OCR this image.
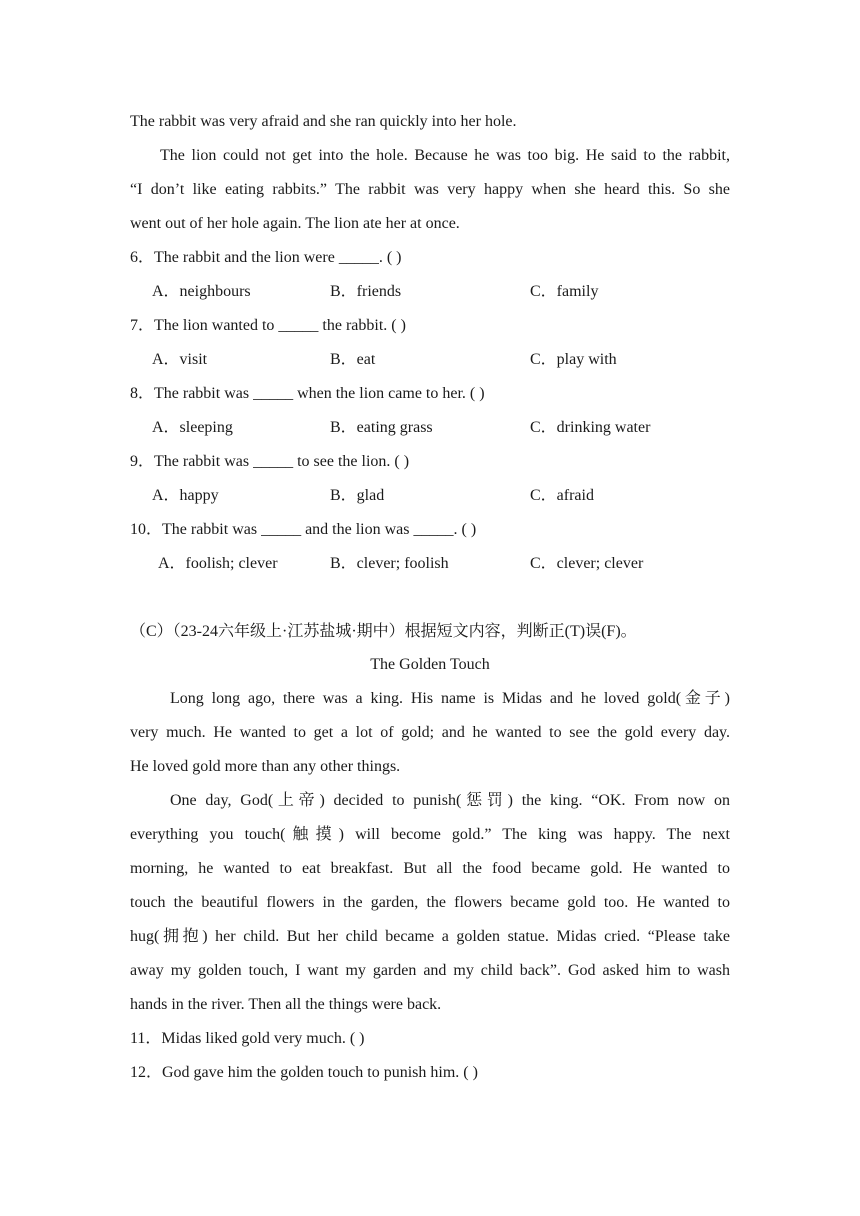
The rabbit was very afraid and she ran quickly into her hole.
The lion could not get into the hole. Because he was too big. He said to the rabbit,
“I don’t like eating rabbits.” The rabbit was very happy when she heard this. So she
went out of her hole again. The lion ate her at once.
6．The rabbit and the lion were _____. ( )
A．neighbours	B．friends	C．family
7．The lion wanted to _____ the rabbit. ( )
A．visit	B．eat	C．play with
8．The rabbit was _____ when the lion came to her. ( )
A．sleeping	B．eating grass	C．drinking water
9．The rabbit was _____ to see the lion. ( )
A．happy	B．glad	C．afraid
10．The rabbit was _____ and the lion was _____. ( )
A．foolish; clever	B．clever; foolish	C．clever; clever
（C）（23-24六年级上·江苏盐城·期中）根据短文内容，判断正(T)误(F)。
The Golden Touch
Long long ago, there was a king. His name is Midas and he loved gold(金子)
very much. He wanted to get a lot of gold; and he wanted to see the gold every day.
He loved gold more than any other things.
One day, God(上帝) decided to punish(惩罚) the king. “OK. From now on
everything you touch(触摸) will become gold.” The king was happy. The next
morning, he wanted to eat breakfast. But all the food became gold. He wanted to
touch the beautiful flowers in the garden, the flowers became gold too. He wanted to
hug(拥抱) her child. But her child became a golden statue. Midas cried. “Please take
away my golden touch, I want my garden and my child back”. God asked him to wash
hands in the river. Then all the things were back.
11．Midas liked gold very much. ( )
12．God gave him the golden touch to punish him. ( )
